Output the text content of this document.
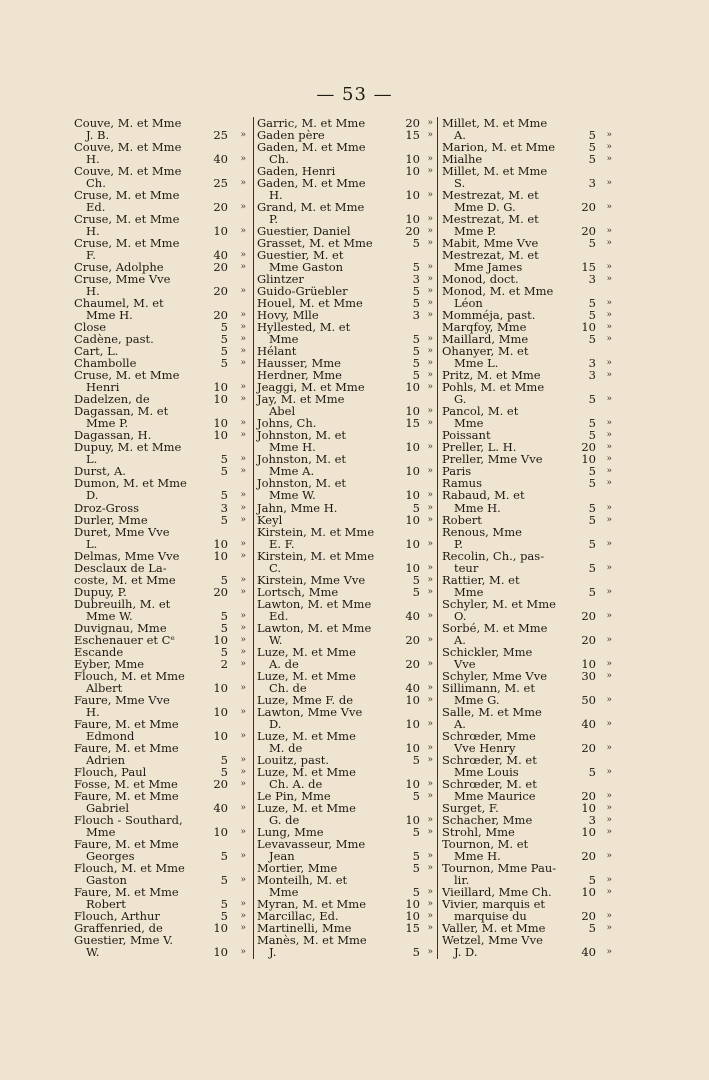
— 53 —
Couve, M. et Mme
J. B.	25 »
Couve, M. et Mme
H.	40 »
Couve, M. et Mme
Ch.	25 »
Cruse, M. et Mme
Ed.	20 »
Cruse, M. et Mme
H.	10 »
Cruse, M. et Mme
F.	40 »
Cruse, Adolphe	20 »
Cruse, Mme Vve
H.	20 »
Chaumel, M. et
Mme H.	20 »
Close	5 »
Cadène, past.	5 »
Cart, L.	5 »
Chambolle	5 »
Cruse, M. et Mme
Henri	10 »
Dadelzen, de	10 »
Dagassan, M. et
Mme P.	10 »
Dagassan, H.	10 »
Dupuy, M. et Mme
L.	5 »
Durst, A.	5 »
Dumon, M. et Mme
D.	5 »
Droz-Gross	3 »
Durler, Mme	5 »
Duret, Mme Vve
L.	10 »
Delmas, Mme Vve	10 »
Desclaux de La-
coste, M. et Mme	5 »
Dupuy, P.	20 »
Dubreuilh, M. et
Mme W.	5 »
Duvignau, Mme	5 »
Eschenauer et Cᵉ	10 »
Escande	5 »
Eyber, Mme	2 »
Flouch, M. et Mme
Albert	10 »
Faure, Mme Vve
H.	10 »
Faure, M. et Mme
Edmond	10 »
Faure, M. et Mme
Adrien	5 »
Flouch, Paul	5 »
Fosse, M. et Mme	20 »
Faure, M. et Mme
Gabriel	40 »
Flouch - Southard,
Mme	10 »
Faure, M. et Mme
Georges	5 »
Flouch, M. et Mme
Gaston	5 »
Faure, M. et Mme
Robert	5 »
Flouch, Arthur	5 »
Graffenried, de	10 »
Guestier, Mme V.
W.	10 »
Garric, M. et Mme	20 »
Gaden père	15 »
Gaden, M. et Mme
Ch.	10 »
Gaden, Henri	10 »
Gaden, M. et Mme
H.	10 »
Grand, M. et Mme
P.	10 »
Guestier, Daniel	20 »
Grasset, M. et Mme	5 »
Guestier, M. et
Mme Gaston	5 »
Glintzer	3 »
Guido-Grüebler	5 »
Houel, M. et Mme	5 »
Hovy, Mlle	3 »
Hyllested, M. et
Mme	5 »
Hélant	5 »
Hausser, Mme	5 »
Herdner, Mme	5 »
Jeaggi, M. et Mme	10 »
Jay, M. et Mme
Abel	10 »
Johns, Ch.	15 »
Johnston, M. et
Mme H.	10 »
Johnston, M. et
Mme A.	10 »
Johnston, M. et
Mme W.	10 »
Jahn, Mme H.	5 »
Keyl	10 »
Kirstein, M. et Mme
E. F.	10 »
Kirstein, M. et Mme
C.	10 »
Kirstein, Mme Vve	5 »
Lortsch, Mme	5 »
Lawton, M. et Mme
Ed.	40 »
Lawton, M. et Mme
W.	20 »
Luze, M. et Mme
A. de	20 »
Luze, M. et Mme
Ch. de	40 »
Luze, Mme F. de	10 »
Lawton, Mme Vve
D.	10 »
Luze, M. et Mme
M. de	10 »
Louitz, past.	5 »
Luze, M. et Mme
Ch. A. de	10 »
Le Pin, Mme	5 »
Luze, M. et Mme
G. de	10 »
Lung, Mme	5 »
Levavasseur, Mme
Jean	5 »
Mortier, Mme	5 »
Monteilh, M. et
Mme	5 »
Myran, M. et Mme	10 »
Marcillac, Ed.	10 »
Martinelli, Mme	15 »
Manès, M. et Mme
J.	5 »
Millet, M. et Mme
A.	5 »
Marion, M. et Mme	5 »
Mialhe	5 »
Millet, M. et Mme
S.	3 »
Mestrezat, M. et
Mme D. G.	20 »
Mestrezat, M. et
Mme P.	20 »
Mabit, Mme Vve	5 »
Mestrezat, M. et
Mme James	15 »
Monod, doct.	3 »
Monod, M. et Mme
Léon	5 »
Momméja, past.	5 »
Marqfoy, Mme	10 »
Maillard, Mme	5 »
Ohanyer, M. et
Mme L.	3 »
Pritz, M. et Mme	3 »
Pohls, M. et Mme
G.	5 »
Pancol, M. et
Mme	5 »
Poissant	5 »
Preller, L. H.	20 »
Preller, Mme Vve	10 »
Paris	5 »
Ramus	5 »
Rabaud, M. et
Mme H.	5 »
Robert	5 »
Renous, Mme
P.	5 »
Recolin, Ch., pas-
teur	5 »
Rattier, M. et
Mme	5 »
Schyler, M. et Mme
O.	20 »
Sorbé, M. et Mme
A.	20 »
Schickler, Mme
Vve	10 »
Schyler, Mme Vve	30 »
Sillimann, M. et
Mme G.	50 »
Salle, M. et Mme
A.	40 »
Schrœder, Mme
Vve Henry	20 »
Schrœder, M. et
Mme Louis	5 »
Schrœder, M. et
Mme Maurice	20 »
Surget, F.	10 »
Schacher, Mme	3 »
Strohl, Mme	10 »
Tournon, M. et
Mme H.	20 »
Tournon, Mme Pau-
lir.	5 »
Vieillard, Mme Ch.	10 »
Vivier, marquis et
marquise du	20 »
Valler, M. et Mme	5 »
Wetzel, Mme Vve
J. D.	40 »
